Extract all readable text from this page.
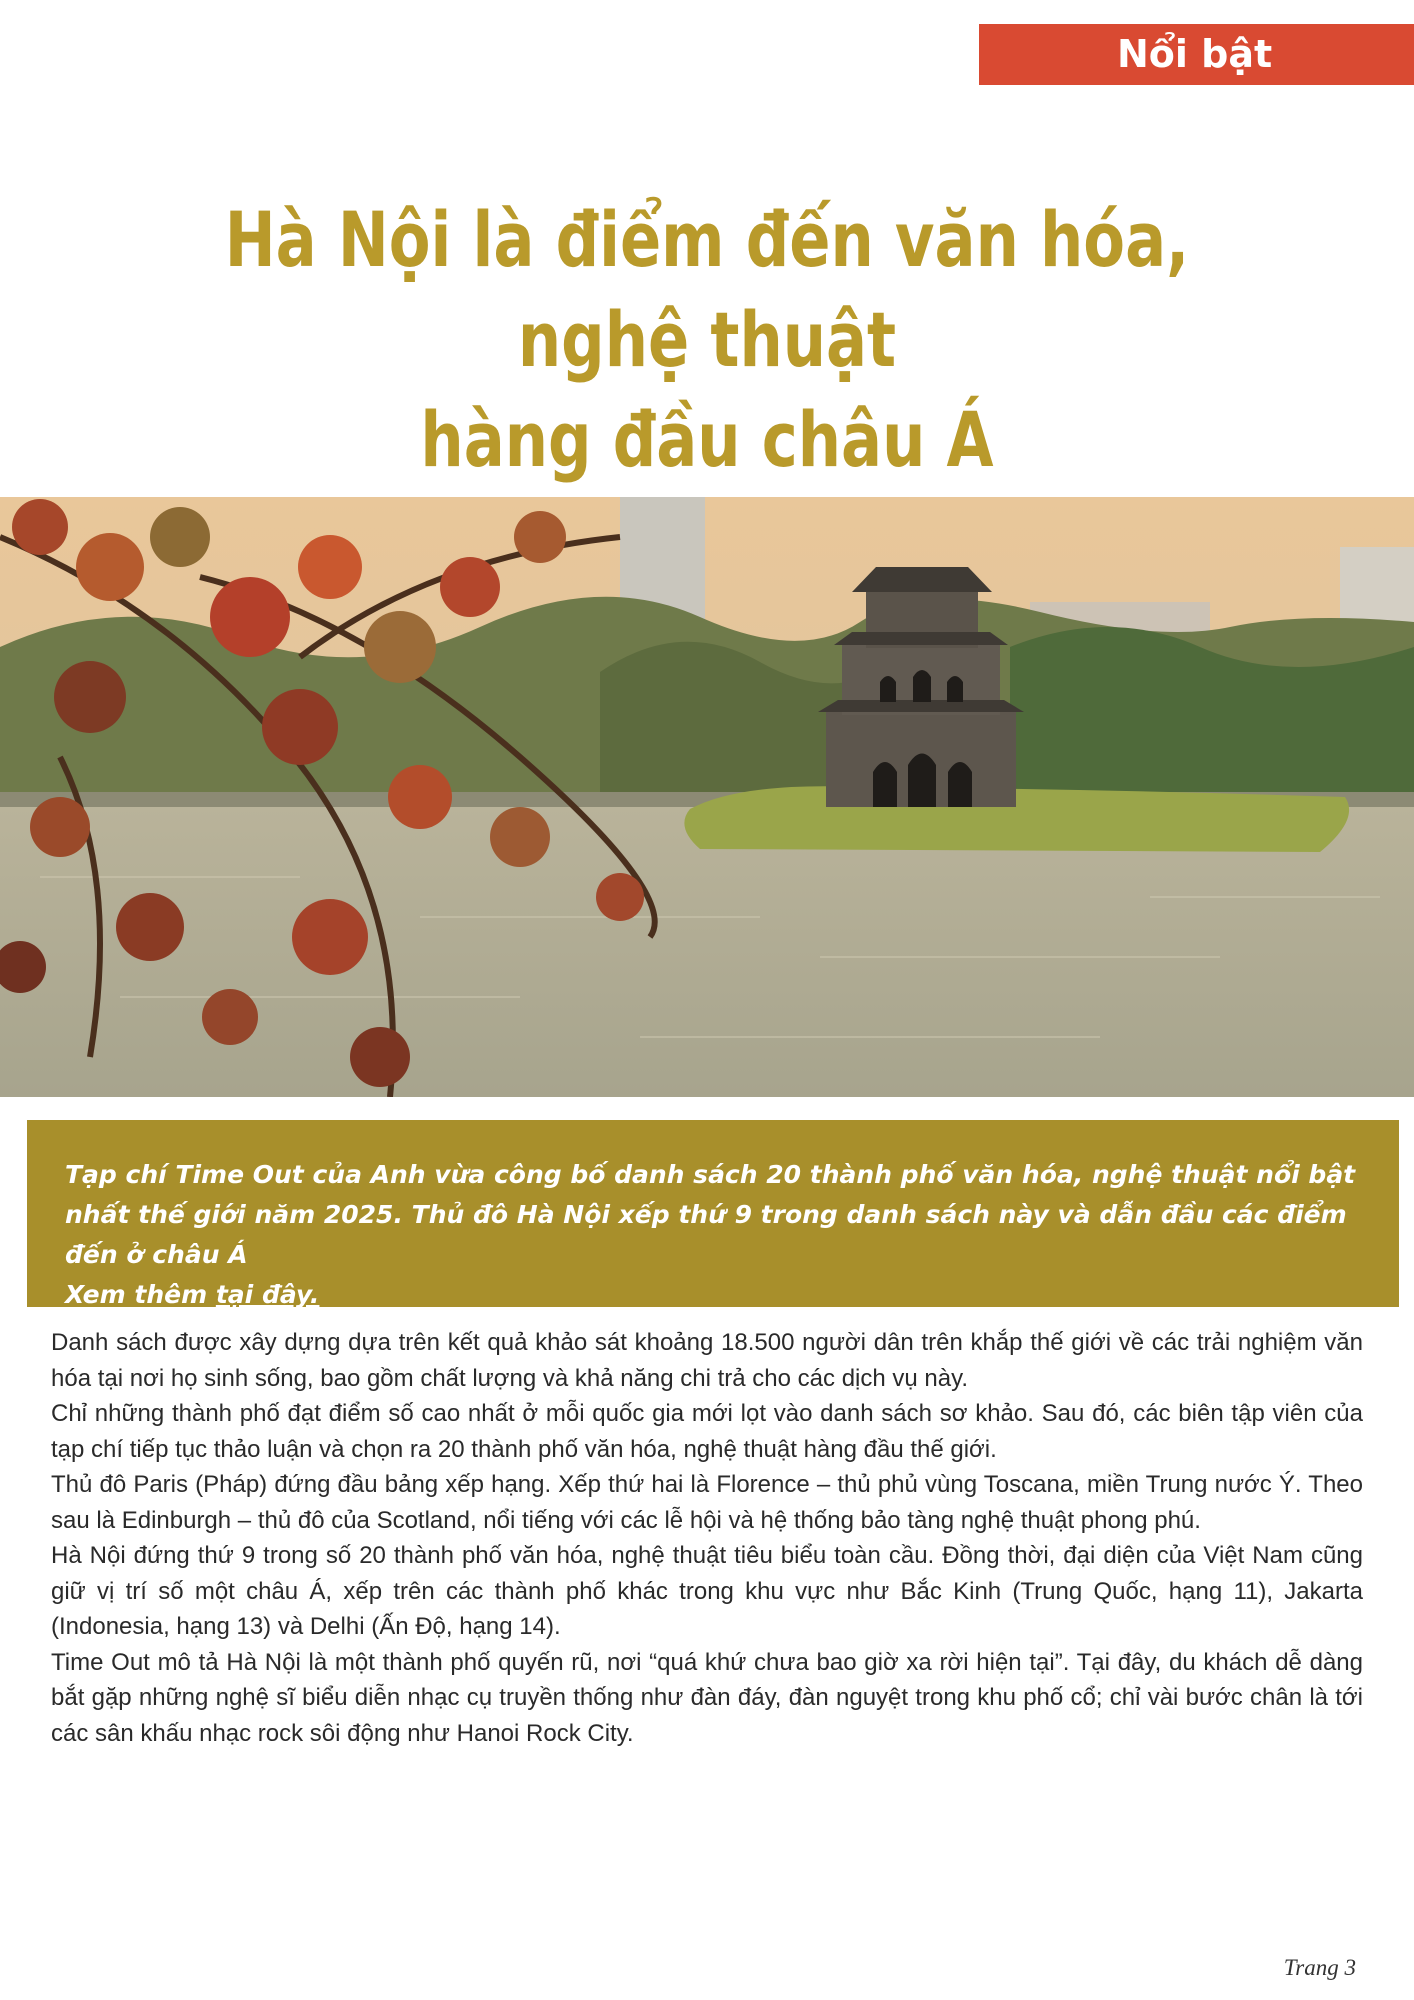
Nổi bật
Hà Nội là điểm đến văn hóa, nghệ thuật
hàng đầu châu Á

Tạp chí Time Out của Anh vừa công bố danh sách 20 thành phố văn hóa, nghệ thuật nổi bật nhất thế giới năm 2025. Thủ đô Hà Nội xếp thứ 9 trong danh sách này và dẫn đầu các điểm đến ở châu Á

Xem thêm tại đây.

Danh sách được xây dựng dựa trên kết quả khảo sát khoảng 18.500 người dân trên khắp thế giới về các trải nghiệm văn hóa tại nơi họ sinh sống, bao gồm chất lượng và khả năng chi trả cho các dịch vụ này.

Chỉ những thành phố đạt điểm số cao nhất ở mỗi quốc gia mới lọt vào danh sách sơ khảo. Sau đó, các biên tập viên của tạp chí tiếp tục thảo luận và chọn ra 20 thành phố văn hóa, nghệ thuật hàng đầu thế giới.

Thủ đô Paris (Pháp) đứng đầu bảng xếp hạng. Xếp thứ hai là Florence – thủ phủ vùng Toscana, miền Trung nước Ý. Theo sau là Edinburgh – thủ đô của Scotland, nổi tiếng với các lễ hội và hệ thống bảo tàng nghệ thuật phong phú.

Hà Nội đứng thứ 9 trong số 20 thành phố văn hóa, nghệ thuật tiêu biểu toàn cầu. Đồng thời, đại diện của Việt Nam cũng giữ vị trí số một châu Á, xếp trên các thành phố khác trong khu vực như Bắc Kinh (Trung Quốc, hạng 11), Jakarta (Indonesia, hạng 13) và Delhi (Ấn Độ, hạng 14).

Time Out mô tả Hà Nội là một thành phố quyến rũ, nơi “quá khứ chưa bao giờ xa rời hiện tại”. Tại đây, du khách dễ dàng bắt gặp những nghệ sĩ biểu diễn nhạc cụ truyền thống như đàn đáy, đàn nguyệt trong khu phố cổ; chỉ vài bước chân là tới các sân khấu nhạc rock sôi động như Hanoi Rock City.

Trang 3
